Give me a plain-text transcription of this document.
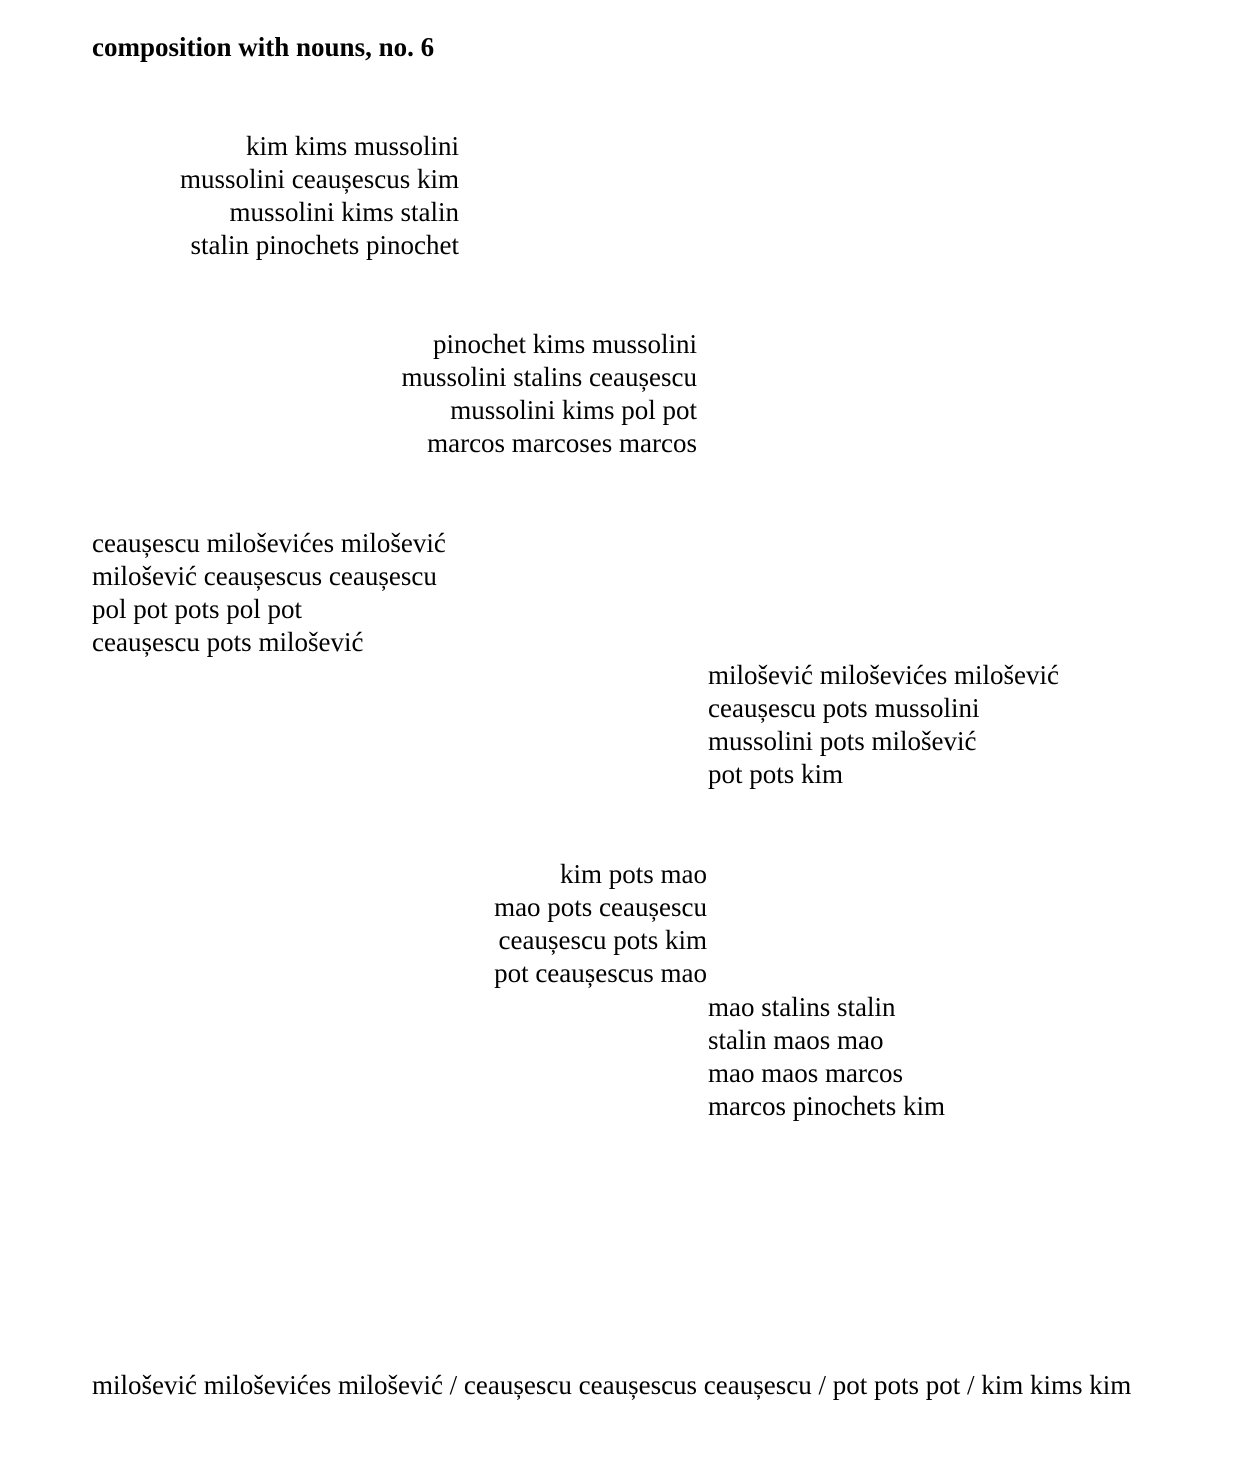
composition with nouns, no. 6
kim kims mussolini
mussolini ceaușescus kim
mussolini kims stalin
stalin pinochets pinochet
pinochet kims mussolini
mussolini stalins ceaușescu
mussolini kims pol pot
marcos marcoses marcos
ceaușescu miloševićes milošević
milošević ceaușescus ceaușescu
pol pot pots pol pot
ceaușescu pots milošević
milošević miloševićes milošević
ceaușescu pots mussolini
mussolini pots milošević
pot pots kim
kim pots mao
mao pots ceaușescu
ceaușescu pots kim
pot ceaușescus mao
mao stalins stalin
stalin maos mao
mao maos marcos
marcos pinochets kim
milošević miloševićes milošević / ceaușescu ceaușescus ceaușescu / pot pots pot / kim kims kim
